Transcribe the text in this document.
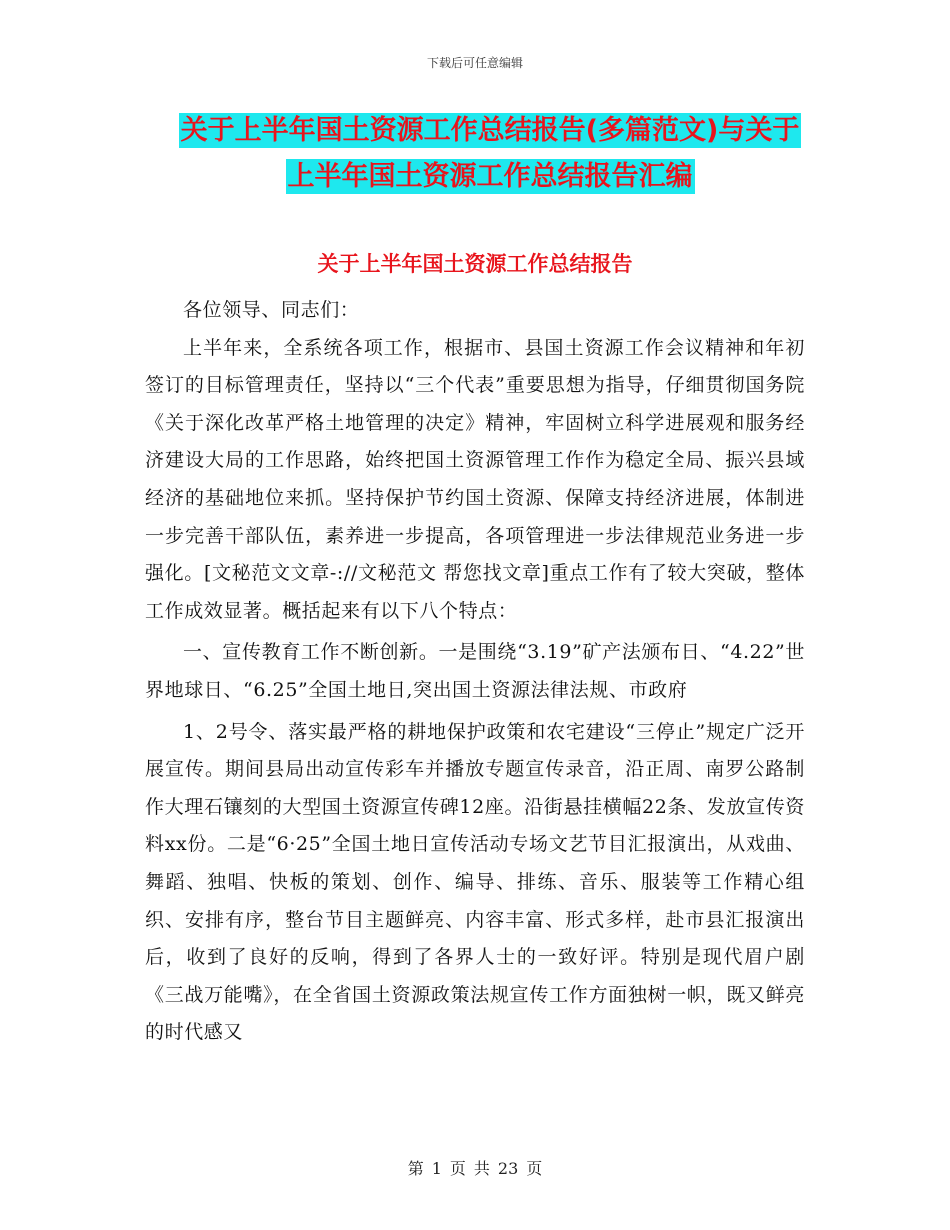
下载后可任意编辑
关于上半年国土资源工作总结报告(多篇范文)与关于
上半年国土资源工作总结报告汇编
关于上半年国土资源工作总结报告

各位领导、同志们：

上半年来，全系统各项工作，根据市、县国土资源工作会议精神和年初签订的目标管理责任，坚持以“三个代表”重要思想为指导，仔细贯彻国务院《关于深化改革严格土地管理的决定》精神，牢固树立科学进展观和服务经济建设大局的工作思路，始终把国土资源管理工作作为稳定全局、振兴县域经济的基础地位来抓。坚持保护节约国土资源、保障支持经济进展，体制进一步完善干部队伍，素养进一步提高，各项管理进一步法律规范业务进一步强化。[文秘范文文章-://文秘范文 帮您找文章]重点工作有了较大突破，整体工作成效显著。概括起来有以下八个特点：

一、宣传教育工作不断创新。一是围绕“3.19”矿产法颁布日、“4.22”世界地球日、“6.25”全国土地日,突出国土资源法律法规、市政府

1、2号令、落实最严格的耕地保护政策和农宅建设“三停止”规定广泛开展宣传。期间县局出动宣传彩车并播放专题宣传录音，沿正周、南罗公路制作大理石镶刻的大型国土资源宣传碑12座。沿街悬挂横幅22条、发放宣传资料xx份。二是“6·25”全国土地日宣传活动专场文艺节目汇报演出，从戏曲、舞蹈、独唱、快板的策划、创作、编导、排练、音乐、服装等工作精心组织、安排有序，整台节目主题鲜亮、内容丰富、形式多样，赴市县汇报演出后，收到了良好的反响，得到了各界人士的一致好评。特别是现代眉户剧《三战万能嘴》，在全省国土资源政策法规宣传工作方面独树一帜，既又鲜亮的时代感又

第 1 页 共 23 页
